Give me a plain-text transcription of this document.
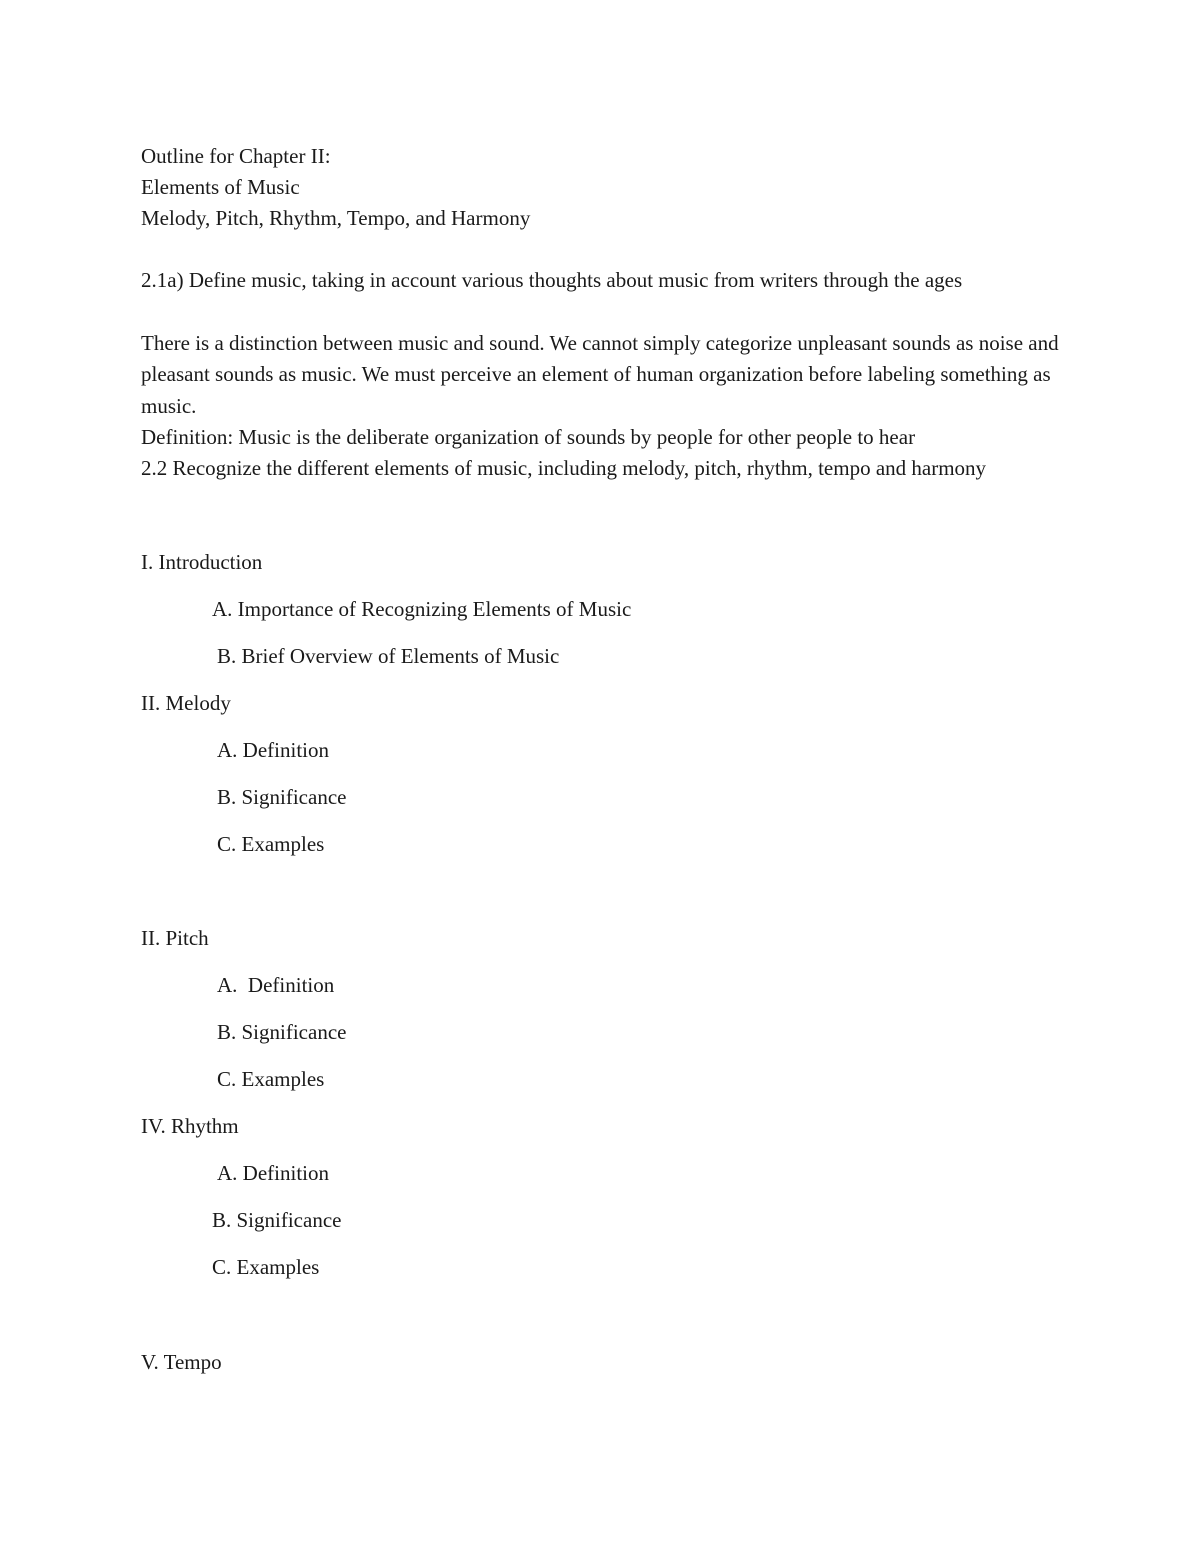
Outline for Chapter II:
Elements of Music
Melody, Pitch, Rhythm, Tempo, and Harmony
2.1a) Define music, taking in account various thoughts about music from writers through the ages
There is a distinction between music and sound. We cannot simply categorize unpleasant sounds as noise and pleasant sounds as music. We must perceive an element of human organization before labeling something as music.
Definition: Music is the deliberate organization of sounds by people for other people to hear
2.2 Recognize the different elements of music, including melody, pitch, rhythm, tempo and harmony
I. Introduction
A. Importance of Recognizing Elements of Music
B. Brief Overview of Elements of Music
II. Melody
A. Definition
B. Significance
C. Examples
II. Pitch
A.  Definition
B. Significance
C. Examples
IV. Rhythm
A. Definition
B. Significance
C. Examples
V. Tempo
